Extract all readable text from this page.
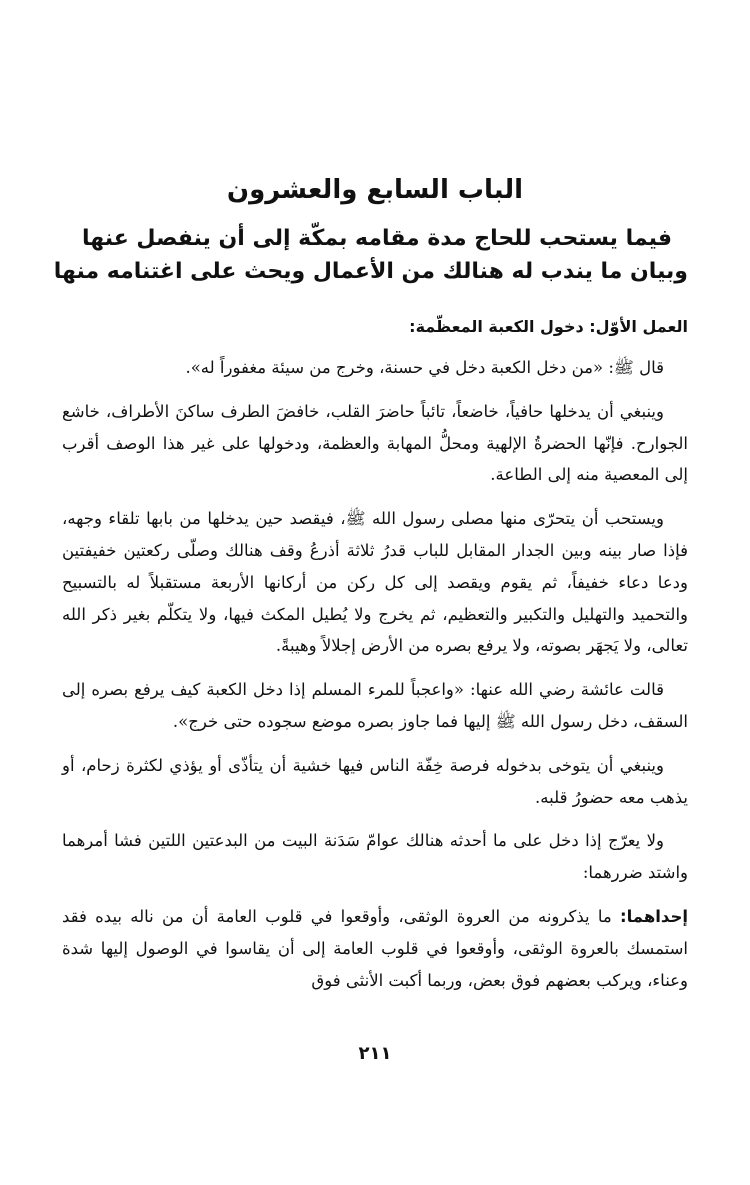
الباب السابع والعشرون
فيما يستحب للحاج مدة مقامه بمكّة إلى أن ينفصل عنها
وبيان ما يندب له هنالك من الأعمال ويحث على اغتنامه منها
العمل الأوّل: دخول الكعبة المعظّمة:

قال ﷺ: «من دخل الكعبة دخل في حسنة، وخرج من سيئة مغفوراً له».

وينبغي أن يدخلها حافياً، خاضعاً، تائباً حاضرَ القلب، خافضَ الطرف ساكنَ الأطراف، خاشع الجوارح. فإنّها الحضرةُ الإلهية ومحلُّ المهابة والعظمة، ودخولها على غير هذا الوصف أقرب إلى المعصية منه إلى الطاعة.

ويستحب أن يتحرّى منها مصلى رسول الله ﷺ، فيقصد حين يدخلها من بابها تلقاء وجهه، فإذا صار بينه وبين الجدار المقابل للباب قدرُ ثلاثة أذرعُ وقف هنالك وصلّى ركعتين خفيفتين ودعا دعاء خفيفاً، ثم يقوم ويقصد إلى كل ركن من أركانها الأربعة مستقبلاً له بالتسبيح والتحميد والتهليل والتكبير والتعظيم، ثم يخرج ولا يُطيل المكث فيها، ولا يتكلّم بغير ذكر الله تعالى، ولا يَجهَر بصوته، ولا يرفع بصره من الأرض إجلالاً وهيبةً.

قالت عائشة رضي الله عنها: «واعجباً للمرء المسلم إذا دخل الكعبة كيف يرفع بصره إلى السقف، دخل رسول الله ﷺ إليها فما جاوز بصره موضع سجوده حتى خرج».

وينبغي أن يتوخى بدخوله فرصة خِفّة الناس فيها خشية أن يتأذّى أو يؤذي لكثرة زحام، أو يذهب معه حضورُ قلبه.

ولا يعرّج إذا دخل على ما أحدثه هنالك عوامّ سَدَنة البيت من البدعتين اللتين فشا أمرهما واشتد ضررهما:

إحداهما: ما يذكرونه من العروة الوثقى، وأوقعوا في قلوب العامة أن من ناله بيده فقد استمسك بالعروة الوثقى، وأوقعوا في قلوب العامة إلى أن يقاسوا في الوصول إليها شدة وعناء، ويركب بعضهم فوق بعض، وربما أكبت الأنثى فوق

٢١١
